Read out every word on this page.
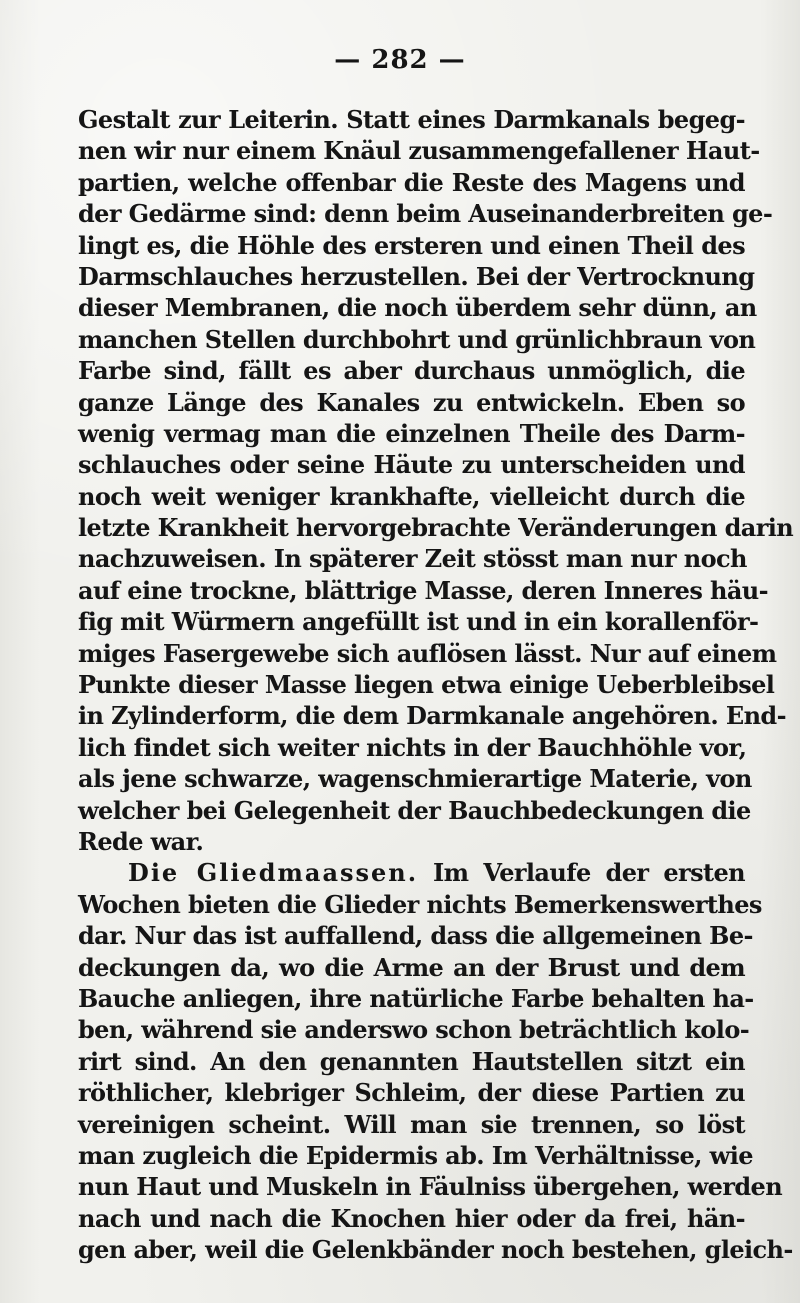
— 282 —
Gestalt zur Leiterin. Statt eines Darmkanals begeg-
nen wir nur einem Knäul zusammengefallener Haut-
partien, welche offenbar die Reste des Magens und
der Gedärme sind: denn beim Auseinanderbreiten ge-
lingt es, die Höhle des ersteren und einen Theil des
Darmschlauches herzustellen. Bei der Vertrocknung
dieser Membranen, die noch überdem sehr dünn, an
manchen Stellen durchbohrt und grünlichbraun von
Farbe sind, fällt es aber durchaus unmöglich, die
ganze Länge des Kanales zu entwickeln. Eben so
wenig vermag man die einzelnen Theile des Darm-
schlauches oder seine Häute zu unterscheiden und
noch weit weniger krankhafte, vielleicht durch die
letzte Krankheit hervorgebrachte Veränderungen darin
nachzuweisen. In späterer Zeit stösst man nur noch
auf eine trockne, blättrige Masse, deren Inneres häu-
fig mit Würmern angefüllt ist und in ein korallenför-
miges Fasergewebe sich auflösen lässt. Nur auf einem
Punkte dieser Masse liegen etwa einige Ueberbleibsel
in Zylinderform, die dem Darmkanale angehören. End-
lich findet sich weiter nichts in der Bauchhöhle vor,
als jene schwarze, wagenschmierartige Materie, von
welcher bei Gelegenheit der Bauchbedeckungen die
Rede war.
Die Gliedmaassen. Im Verlaufe der ersten
Wochen bieten die Glieder nichts Bemerkenswerthes
dar. Nur das ist auffallend, dass die allgemeinen Be-
deckungen da, wo die Arme an der Brust und dem
Bauche anliegen, ihre natürliche Farbe behalten ha-
ben, während sie anderswo schon beträchtlich kolo-
rirt sind. An den genannten Hautstellen sitzt ein
röthlicher, klebriger Schleim, der diese Partien zu
vereinigen scheint. Will man sie trennen, so löst
man zugleich die Epidermis ab. Im Verhältnisse, wie
nun Haut und Muskeln in Fäulniss übergehen, werden
nach und nach die Knochen hier oder da frei, hän-
gen aber, weil die Gelenkbänder noch bestehen, gleich-
